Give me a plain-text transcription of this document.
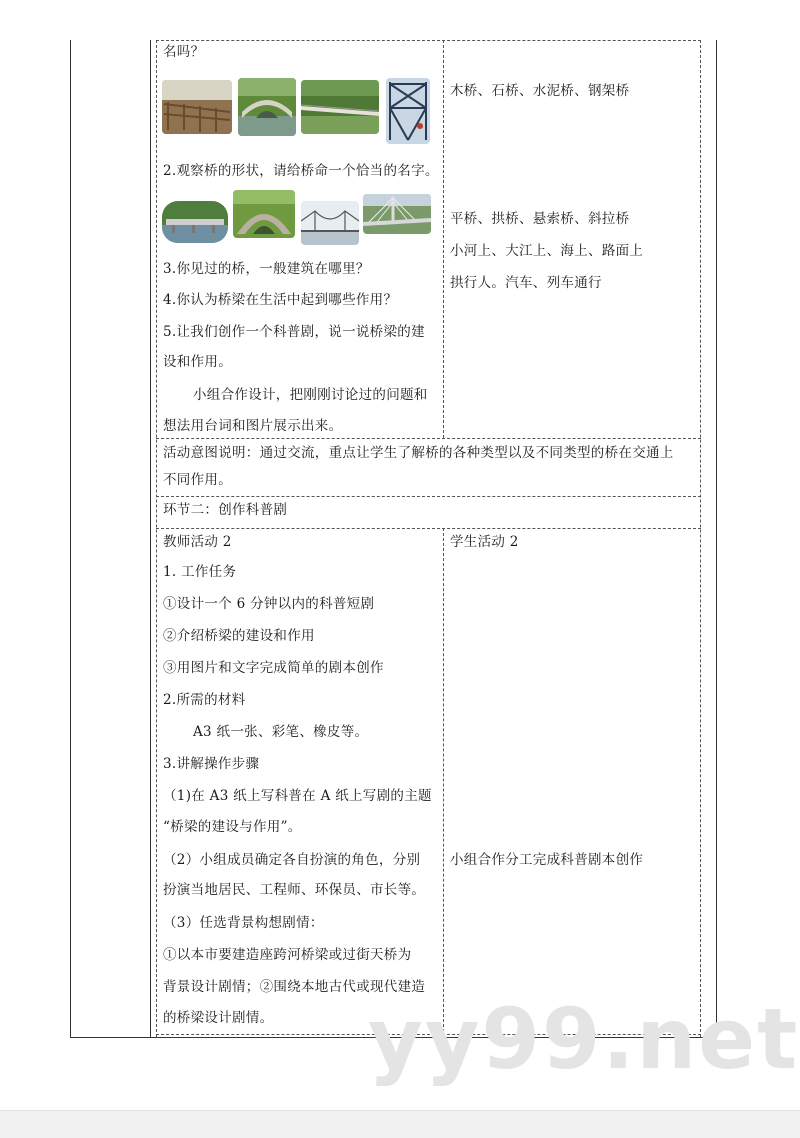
名吗？
2.观察桥的形状，请给桥命一个恰当的名字。
3.你见过的桥，一般建筑在哪里？
4.你认为桥梁在生活中起到哪些作用？
5.让我们创作一个科普剧，说一说桥梁的建
设和作用。
小组合作设计，把刚刚讨论过的问题和
想法用台词和图片展示出来。
木桥、石桥、水泥桥、钢架桥
平桥、拱桥、悬索桥、斜拉桥
小河上、大江上、海上、路面上
拱行人。汽车、列车通行
活动意图说明：通过交流，重点让学生了解桥的各种类型以及不同类型的桥在交通上
不同作用。
环节二：创作科普剧
教师活动 2
1. 工作任务
①设计一个 6 分钟以内的科普短剧
②介绍桥梁的建设和作用
③用图片和文字完成简单的剧本创作
2.所需的材料
A3 纸一张、彩笔、橡皮等。
3.讲解操作步骤
（1)在 A3 纸上写科普在 A 纸上写剧的主题
“桥梁的建设与作用”。
（2）小组成员确定各自扮演的角色，分别
扮演当地居民、工程师、环保员、市长等。
（3）任选背景构想剧情：
①以本市要建造座跨河桥梁或过街天桥为
背景设计剧情；②围绕本地古代或现代建造
的桥梁设计剧情。
学生活动 2
小组合作分工完成科普剧本创作
yy99.net
